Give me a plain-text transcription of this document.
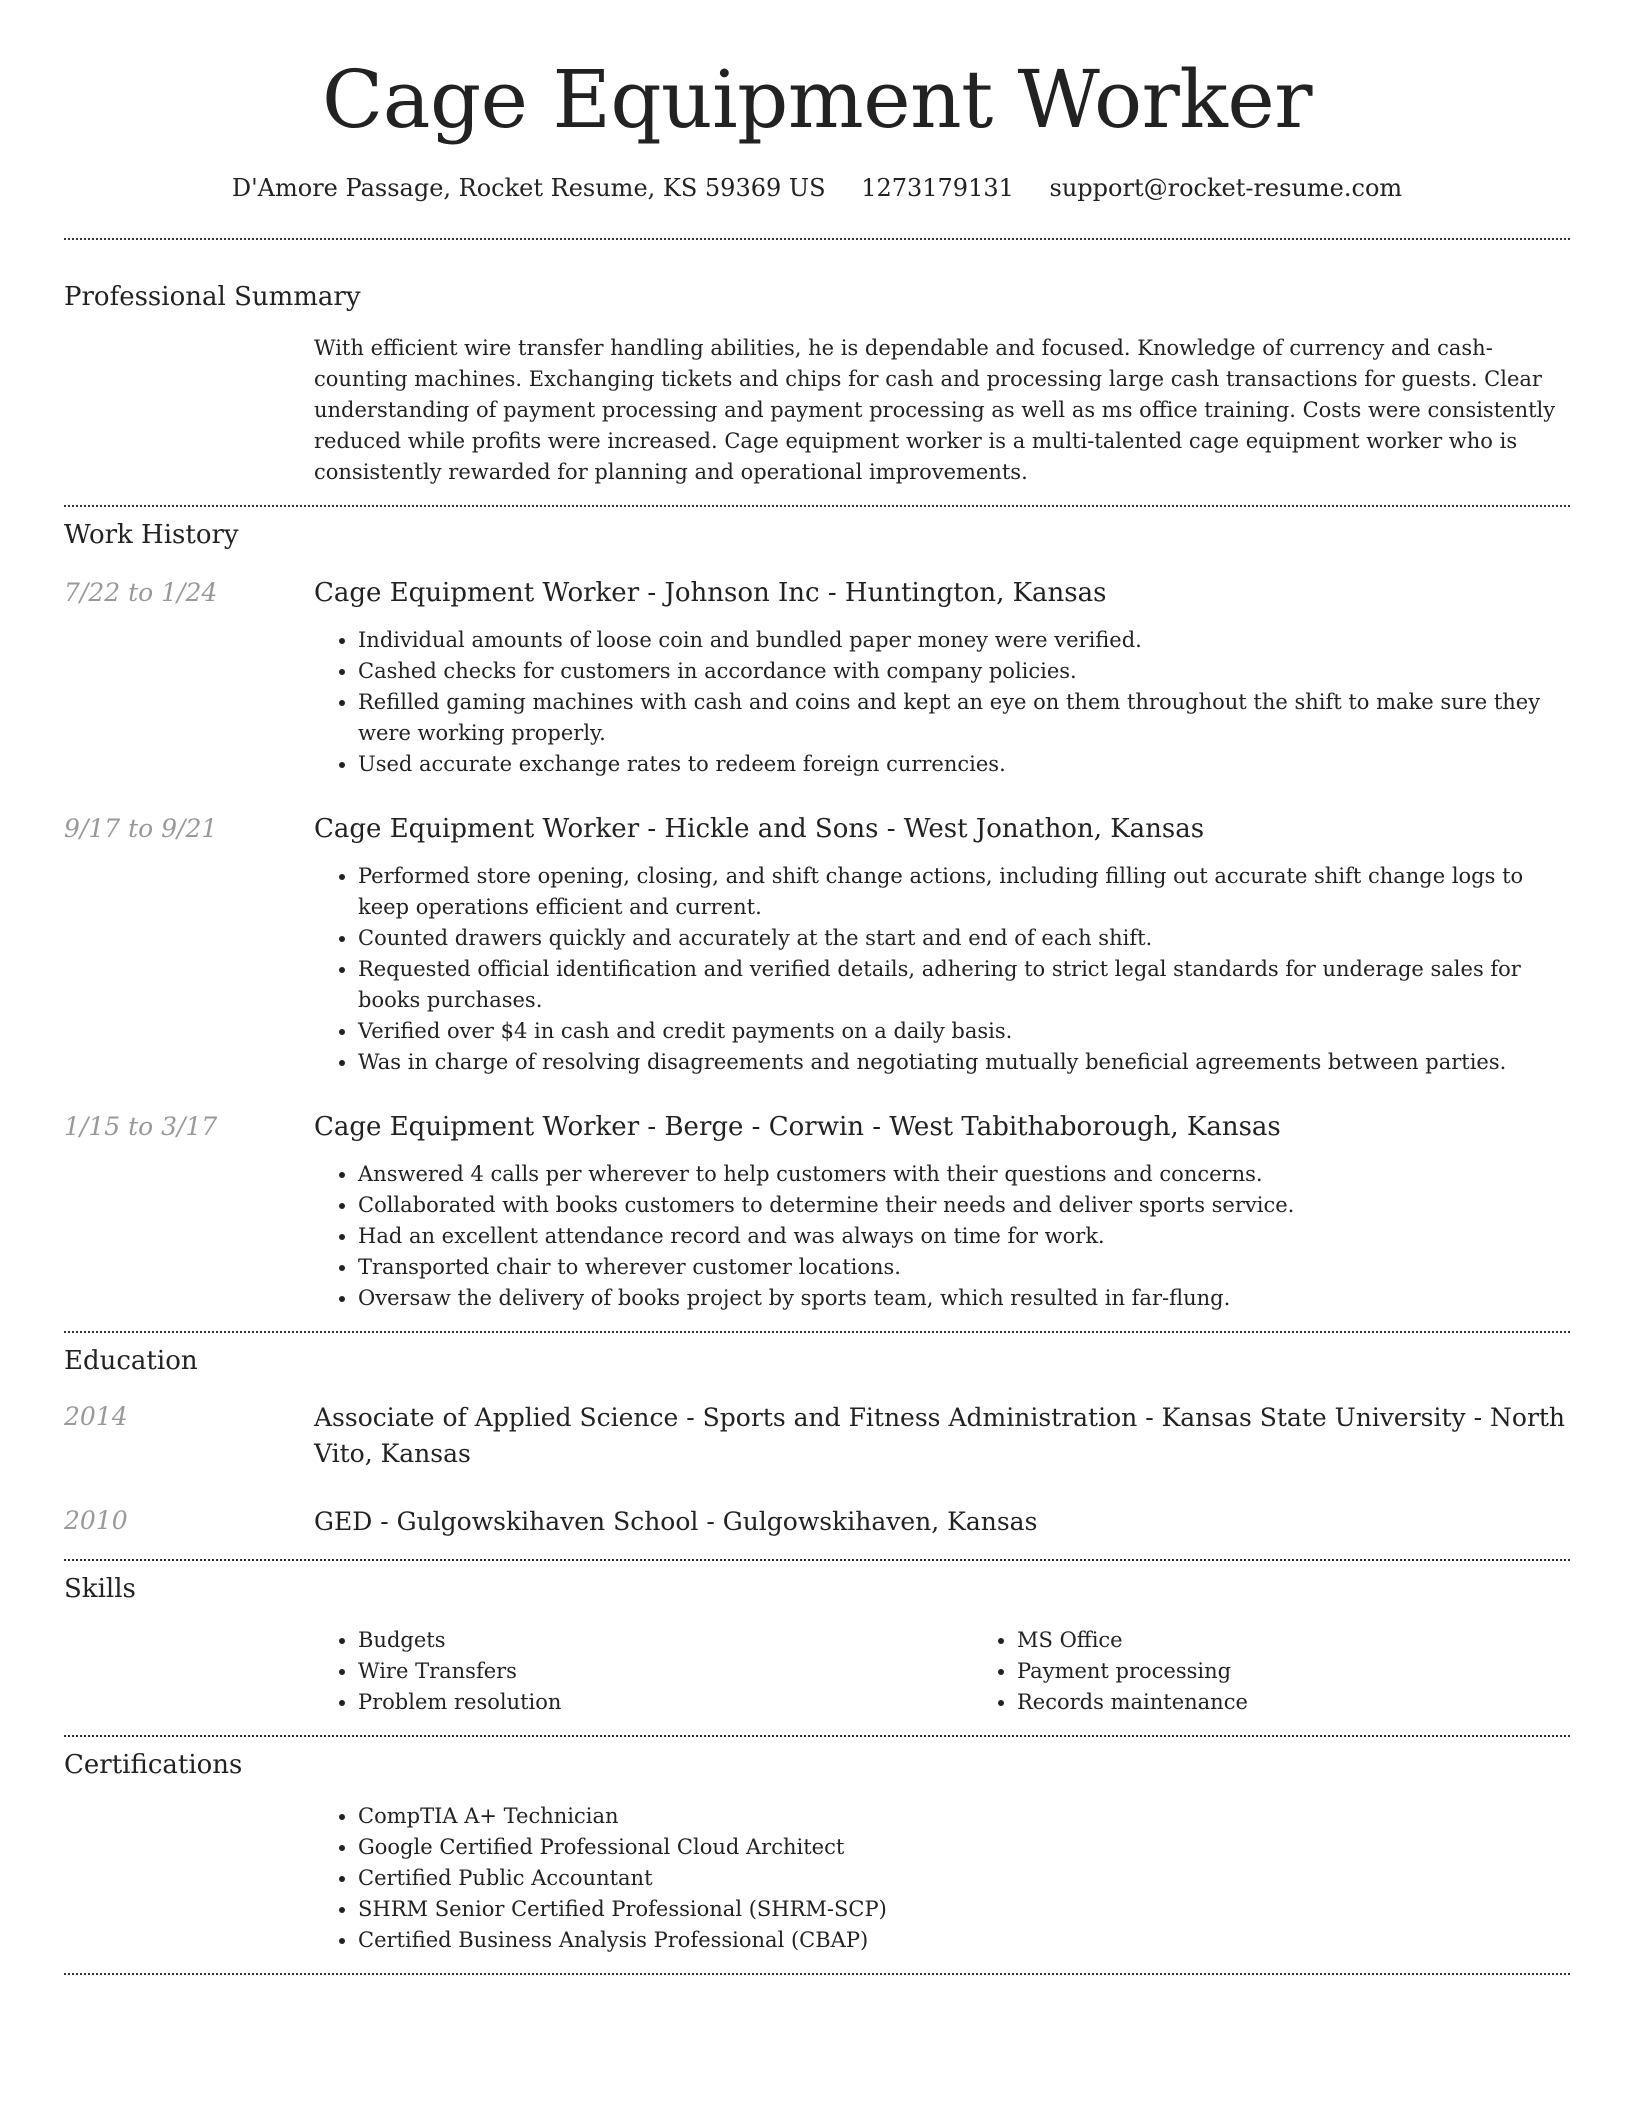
Cage Equipment Worker
D'Amore Passage, Rocket Resume, KS 59369 US 1273179131 support@rocket-resume.com
Professional Summary

With efficient wire transfer handling abilities, he is dependable and focused. Knowledge of currency and cash-counting machines. Exchanging tickets and chips for cash and processing large cash transactions for guests. Clear understanding of payment processing and payment processing as well as ms office training. Costs were consistently reduced while profits were increased. Cage equipment worker is a multi-talented cage equipment worker who is consistently rewarded for planning and operational improvements.

Work History
7/22 to 1/24	Cage Equipment Worker - Johnson Inc - Huntington, Kansas
• Individual amounts of loose coin and bundled paper money were verified.
• Cashed checks for customers in accordance with company policies.
• Refilled gaming machines with cash and coins and kept an eye on them throughout the shift to make sure they were working properly.
• Used accurate exchange rates to redeem foreign currencies.
9/17 to 9/21	Cage Equipment Worker - Hickle and Sons - West Jonathon, Kansas
• Performed store opening, closing, and shift change actions, including filling out accurate shift change logs to keep operations efficient and current.
• Counted drawers quickly and accurately at the start and end of each shift.
• Requested official identification and verified details, adhering to strict legal standards for underage sales for books purchases.
• Verified over $4 in cash and credit payments on a daily basis.
• Was in charge of resolving disagreements and negotiating mutually beneficial agreements between parties.
1/15 to 3/17	Cage Equipment Worker - Berge - Corwin - West Tabithaborough, Kansas
• Answered 4 calls per wherever to help customers with their questions and concerns.
• Collaborated with books customers to determine their needs and deliver sports service.
• Had an excellent attendance record and was always on time for work.
• Transported chair to wherever customer locations.
• Oversaw the delivery of books project by sports team, which resulted in far-flung.
Education
2014	Associate of Applied Science - Sports and Fitness Administration - Kansas State University - North Vito, Kansas
2010	GED - Gulgowskihaven School - Gulgowskihaven, Kansas
Skills
• Budgets
• Wire Transfers
• Problem resolution
• MS Office
• Payment processing
• Records maintenance
Certifications
• CompTIA A+ Technician
• Google Certified Professional Cloud Architect
• Certified Public Accountant
• SHRM Senior Certified Professional (SHRM-SCP)
• Certified Business Analysis Professional (CBAP)
